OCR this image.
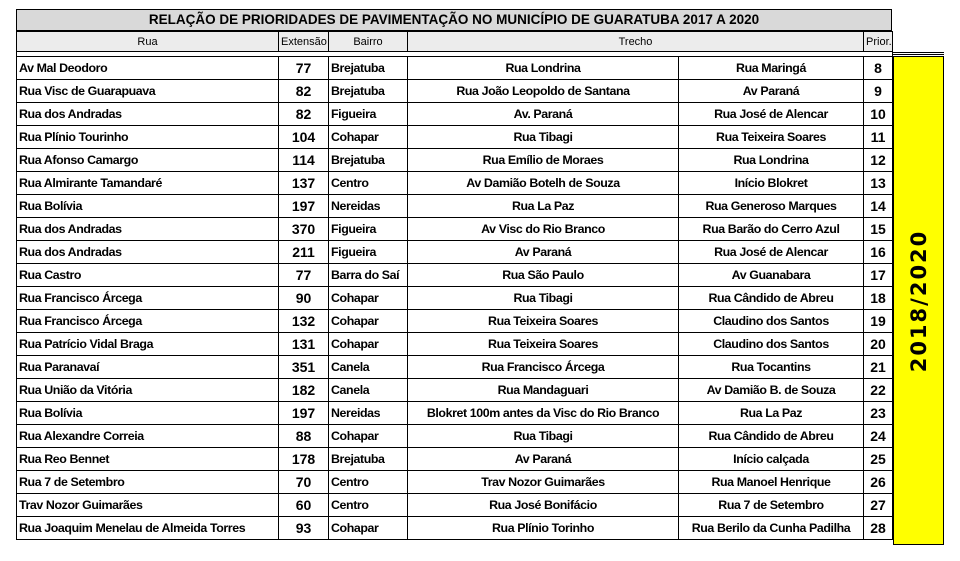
RELAÇÃO DE PRIORIDADES DE PAVIMENTAÇÃO NO MUNICÍPIO DE GUARATUBA 2017 A 2020
Rua	Extensão	Bairro	Trecho		Prior.

Av Mal Deodoro	77	Brejatuba	Rua Londrina	Rua Maringá	8
Rua Visc de Guarapuava	82	Brejatuba	Rua João Leopoldo de Santana	Av Paraná	9
Rua dos Andradas	82	Figueira	Av. Paraná	Rua José de Alencar	10
Rua Plínio Tourinho	104	Cohapar	Rua Tibagi	Rua Teixeira Soares	11
Rua Afonso Camargo	114	Brejatuba	Rua Emílio de Moraes	Rua Londrina	12
Rua Almirante Tamandaré	137	Centro	Av Damião Botelh de Souza	Início Blokret	13
Rua Bolívia	197	Nereidas	Rua La Paz	Rua Generoso Marques	14
Rua dos Andradas	370	Figueira	Av Visc do Rio Branco	Rua Barão do Cerro Azul	15
Rua dos Andradas	211	Figueira	Av Paraná	Rua José de Alencar	16
Rua Castro	77	Barra do Saí	Rua São Paulo	Av Guanabara	17
Rua Francisco Árcega	90	Cohapar	Rua Tibagi	Rua Cândido de Abreu	18
Rua Francisco Árcega	132	Cohapar	Rua Teixeira Soares	Claudino dos Santos	19
Rua Patrício Vidal Braga	131	Cohapar	Rua Teixeira Soares	Claudino dos Santos	20
Rua Paranavaí	351	Canela	Rua Francisco Árcega	Rua Tocantins	21
Rua União da Vitória	182	Canela	Rua Mandaguari	Av Damião B. de Souza	22
Rua Bolívia	197	Nereidas	Blokret 100m antes da Visc do Rio Branco	Rua La Paz	23
Rua Alexandre Correia	88	Cohapar	Rua Tibagi	Rua Cândido de Abreu	24
Rua Reo Bennet	178	Brejatuba	Av Paraná	Início calçada	25
Rua 7 de Setembro	70	Centro	Trav Nozor Guimarães	Rua Manoel Henrique	26
Trav Nozor Guimarães	60	Centro	Rua José Bonifácio	Rua 7 de Setembro	27
Rua Joaquim Menelau de Almeida Torres	93	Cohapar	Rua Plínio Torinho	Rua Berilo da Cunha Padilha	28
2018/2020
